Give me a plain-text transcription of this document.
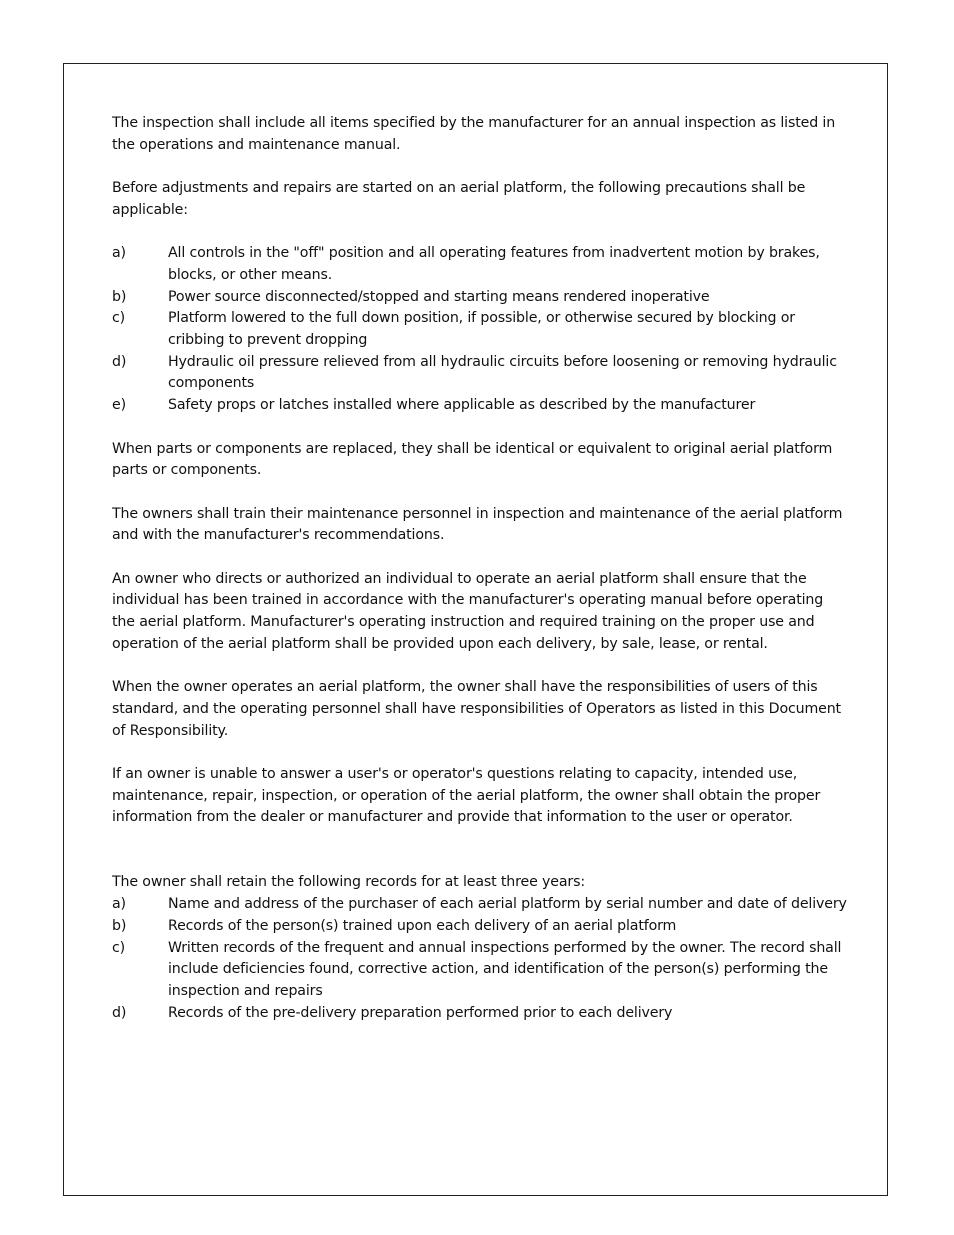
The inspection shall include all items specified by the manufacturer for an annual inspection as listed in the operations and maintenance manual.

Before adjustments and repairs are started on an aerial platform, the following precautions shall be applicable:

a)	All controls in the "off" position and all operating features from inadvertent motion by brakes, blocks, or other means.
b)	Power source disconnected/stopped and starting means rendered inoperative
c)	Platform lowered to the full down position, if possible, or otherwise secured by blocking or cribbing to prevent dropping
d)	Hydraulic oil pressure relieved from all hydraulic circuits before loosening or removing hydraulic components
e)	Safety props or latches installed where applicable as described by the manufacturer

When parts or components are replaced, they shall be identical or equivalent to original aerial platform parts or components.

The owners shall train their maintenance personnel in inspection and maintenance of the aerial platform and with the manufacturer's recommendations.

An owner who directs or authorized an individual to operate an aerial platform shall ensure that the individual has been trained in accordance with the manufacturer's operating manual before operating the aerial platform. Manufacturer's operating instruction and required training on the proper use and operation of the aerial platform shall be provided upon each delivery, by sale, lease, or rental.

When the owner operates an aerial platform, the owner shall have the responsibilities of users of this standard, and the operating personnel shall have responsibilities of Operators as listed in this Document of Responsibility.

If an owner is unable to answer a user's or operator's questions relating to capacity, intended use, maintenance, repair, inspection, or operation of the aerial platform, the owner shall obtain the proper information from the dealer or manufacturer and provide that information to the user or operator.

The owner shall retain the following records for at least three years:

a)	Name and address of the purchaser of each aerial platform by serial number and date of delivery

b)	Records of the person(s) trained upon each delivery of an aerial platform
c)	Written records of the frequent and annual inspections performed by the owner. The record shall include deficiencies found, corrective action, and identification of the person(s) performing the inspection and repairs
d)	Records of the pre-delivery preparation performed prior to each delivery
